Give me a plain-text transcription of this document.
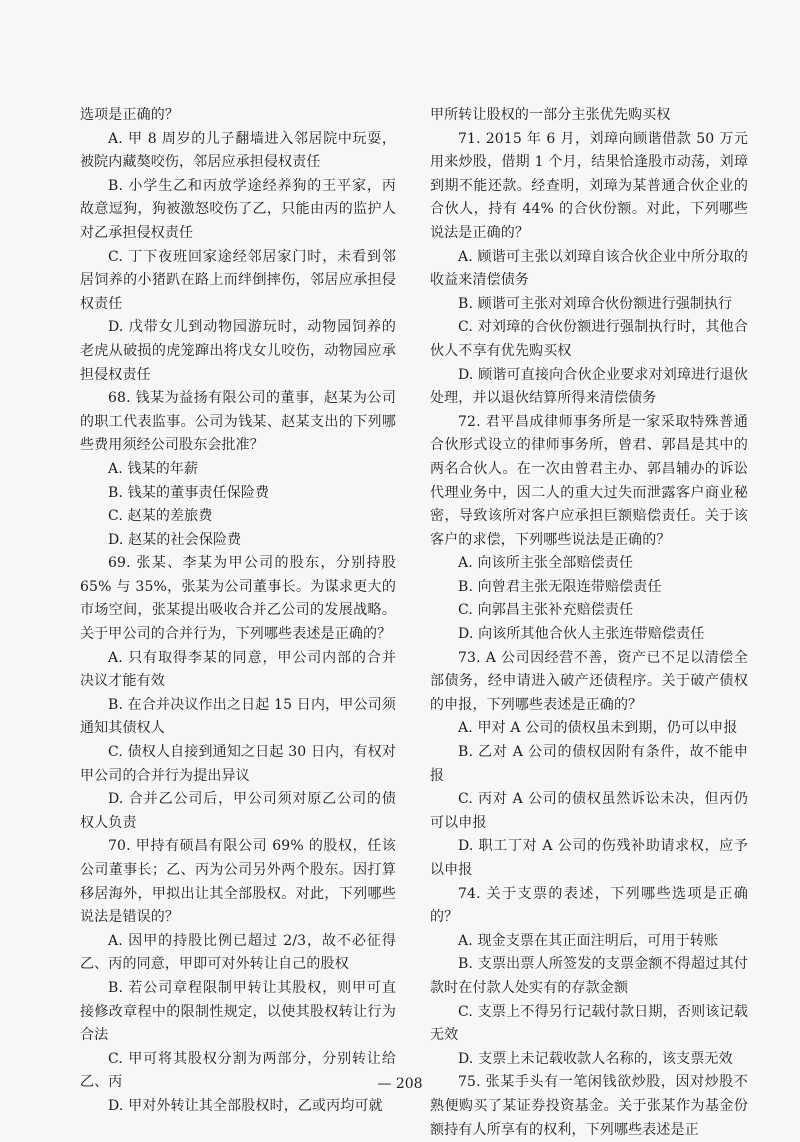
选项是正确的？

A. 甲 8 周岁的儿子翻墙进入邻居院中玩耍，被院内藏獒咬伤，邻居应承担侵权责任

B. 小学生乙和丙放学途经养狗的王平家，丙故意逗狗，狗被激怒咬伤了乙，只能由丙的监护人对乙承担侵权责任

C. 丁下夜班回家途经邻居家门时，未看到邻居饲养的小猪趴在路上而绊倒摔伤，邻居应承担侵权责任

D. 戊带女儿到动物园游玩时，动物园饲养的老虎从破损的虎笼蹿出将戊女儿咬伤，动物园应承担侵权责任

68. 钱某为益扬有限公司的董事，赵某为公司的职工代表监事。公司为钱某、赵某支出的下列哪些费用须经公司股东会批准？

A. 钱某的年薪

B. 钱某的董事责任保险费

C. 赵某的差旅费

D. 赵某的社会保险费

69. 张某、李某为甲公司的股东，分别持股 65% 与 35%，张某为公司董事长。为谋求更大的市场空间，张某提出吸收合并乙公司的发展战略。关于甲公司的合并行为，下列哪些表述是正确的？

A. 只有取得李某的同意，甲公司内部的合并决议才能有效

B. 在合并决议作出之日起 15 日内，甲公司须通知其债权人

C. 债权人自接到通知之日起 30 日内，有权对甲公司的合并行为提出异议

D. 合并乙公司后，甲公司须对原乙公司的债权人负责

70. 甲持有硕昌有限公司 69% 的股权，任该公司董事长；乙、丙为公司另外两个股东。因打算移居海外，甲拟出让其全部股权。对此，下列哪些说法是错误的？

A. 因甲的持股比例已超过 2/3，故不必征得乙、丙的同意，甲即可对外转让自己的股权

B. 若公司章程限制甲转让其股权，则甲可直接修改章程中的限制性规定，以使其股权转让行为合法

C. 甲可将其股权分割为两部分，分别转让给乙、丙

D. 甲对外转让其全部股权时，乙或丙均可就

甲所转让股权的一部分主张优先购买权

71. 2015 年 6 月，刘璋向顾谐借款 50 万元用来炒股，借期 1 个月，结果恰逢股市动荡，刘璋到期不能还款。经查明，刘璋为某普通合伙企业的合伙人，持有 44% 的合伙份额。对此，下列哪些说法是正确的？

A. 顾谐可主张以刘璋自该合伙企业中所分取的收益来清偿债务

B. 顾谐可主张对刘璋合伙份额进行强制执行

C. 对刘璋的合伙份额进行强制执行时，其他合伙人不享有优先购买权

D. 顾谐可直接向合伙企业要求对刘璋进行退伙处理，并以退伙结算所得来清偿债务

72. 君平昌成律师事务所是一家采取特殊普通合伙形式设立的律师事务所，曾君、郭昌是其中的两名合伙人。在一次由曾君主办、郭昌辅办的诉讼代理业务中，因二人的重大过失而泄露客户商业秘密，导致该所对客户应承担巨额赔偿责任。关于该客户的求偿，下列哪些说法是正确的？

A. 向该所主张全部赔偿责任

B. 向曾君主张无限连带赔偿责任

C. 向郭昌主张补充赔偿责任

D. 向该所其他合伙人主张连带赔偿责任

73. A 公司因经营不善，资产已不足以清偿全部债务，经申请进入破产还债程序。关于破产债权的申报，下列哪些表述是正确的？

A. 甲对 A 公司的债权虽未到期，仍可以申报

B. 乙对 A 公司的债权因附有条件，故不能申报

C. 丙对 A 公司的债权虽然诉讼未决，但丙仍可以申报

D. 职工丁对 A 公司的伤残补助请求权，应予以申报

74. 关于支票的表述，下列哪些选项是正确的？

A. 现金支票在其正面注明后，可用于转账

B. 支票出票人所签发的支票金额不得超过其付款时在付款人处实有的存款金额

C. 支票上不得另行记载付款日期，否则该记载无效

D. 支票上未记载收款人名称的，该支票无效

75. 张某手头有一笔闲钱欲炒股，因对炒股不熟便购买了某证券投资基金。关于张某作为基金份额持有人所享有的权利，下列哪些表述是正

— 208
